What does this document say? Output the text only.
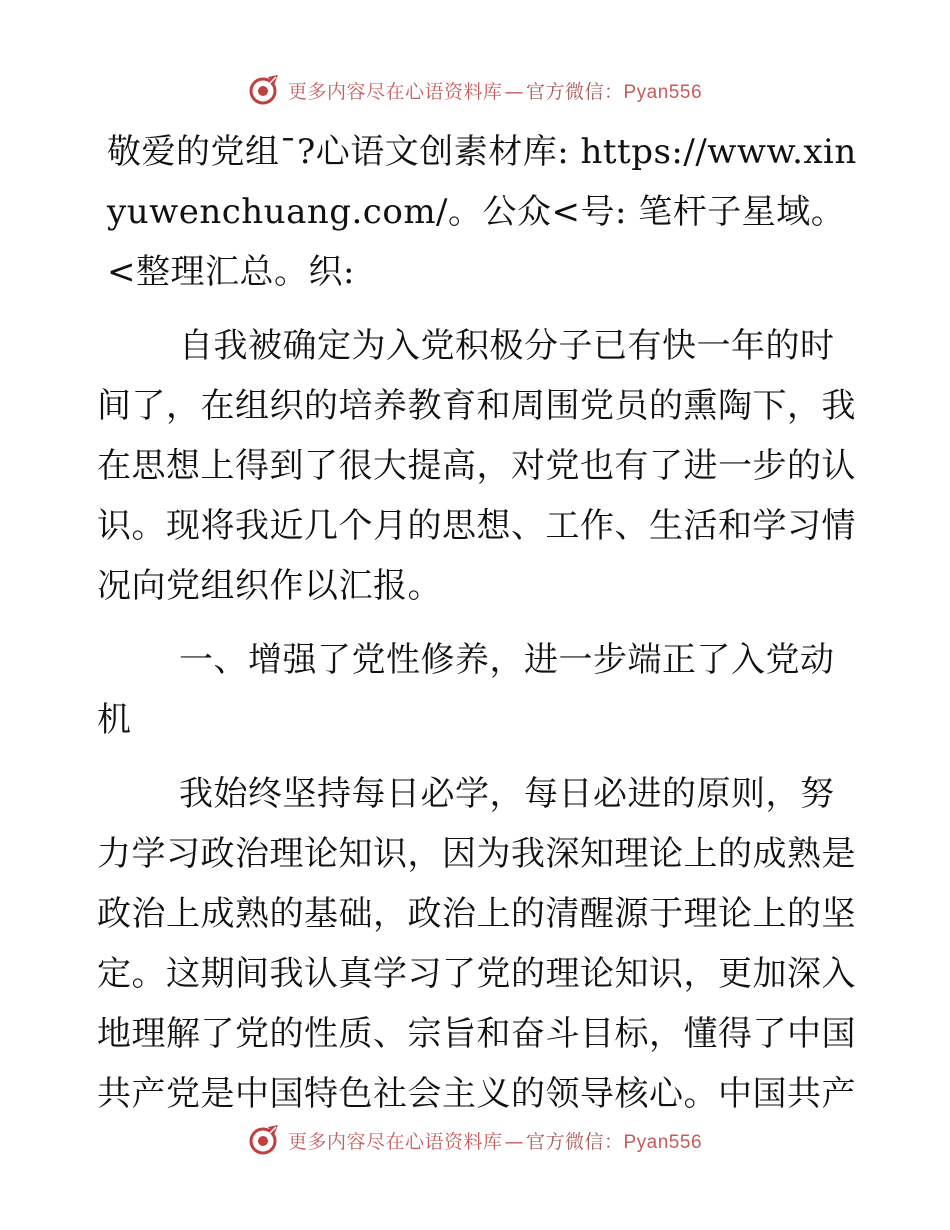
更多内容尽在心语资料库 — 官方微信：Pyan556

敬爱的党组¯?心语文创素材库: https://www.xinyuwenchuang.com/。公众<号: 笔杆子星域。<整理汇总。织:

自我被确定为入党积极分子已有快一年的时间了，在组织的培养教育和周围党员的熏陶下，我在思想上得到了很大提高，对党也有了进一步的认识。现将我近几个月的思想、工作、生活和学习情况向党组织作以汇报。

一、增强了党性修养，进一步端正了入党动机

我始终坚持每日必学，每日必进的原则，努力学习政治理论知识，因为我深知理论上的成熟是政治上成熟的基础，政治上的清醒源于理论上的坚定。这期间我认真学习了党的理论知识，更加深入地理解了党的性质、宗旨和奋斗目标，懂得了中国共产党是中国特色社会主义的领导核心。中国共产

更多内容尽在心语资料库 — 官方微信：Pyan556
